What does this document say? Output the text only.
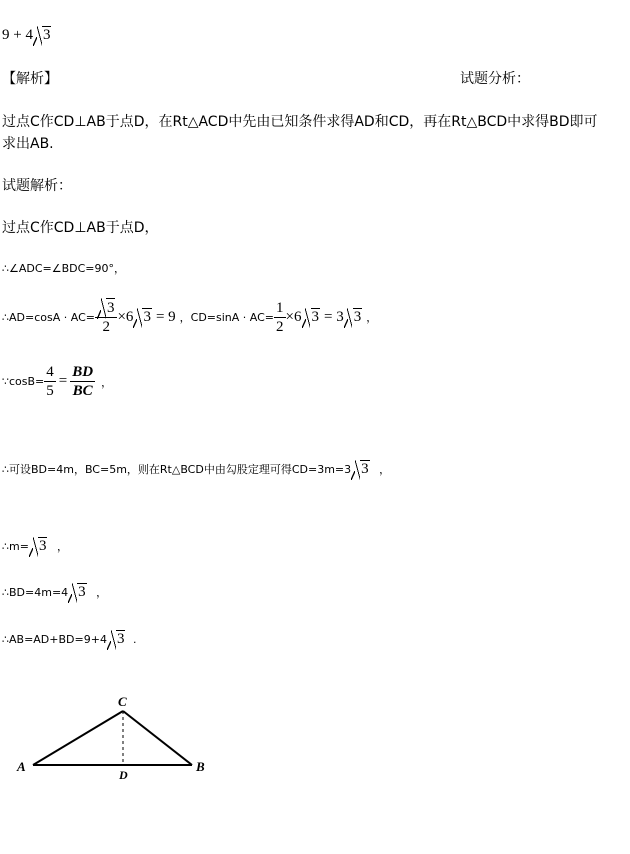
9 + 4 3
【解析】	试题分析：
过点C作CD⊥AB于点D，在Rt△ACD中先由已知条件求得AD和CD，再在Rt△BCD中求得BD即可
求出AB.
试题解析：
过点C作CD⊥AB于点D，
∴∠ADC=∠BDC=90°，
∴AD=cosA · $AC= \frac{3}{2} \times 6$ 3 = 9 ，$CD=\sin A \cdot AC= \frac{1}{2} \times 6$ 3 = 3 3 ，
∵cosB= $\frac{4}{5} = \frac{BD}{BC}$ ，
∴可设BD=4m，BC=5m，则在Rt△BCD中由勾股定理可得CD=3m=3 3 ，
∴m= 3 ，
∴BD=4m=4 3 ，
∴AB=AD+BD=9+4 3 .
A	B
C
D
